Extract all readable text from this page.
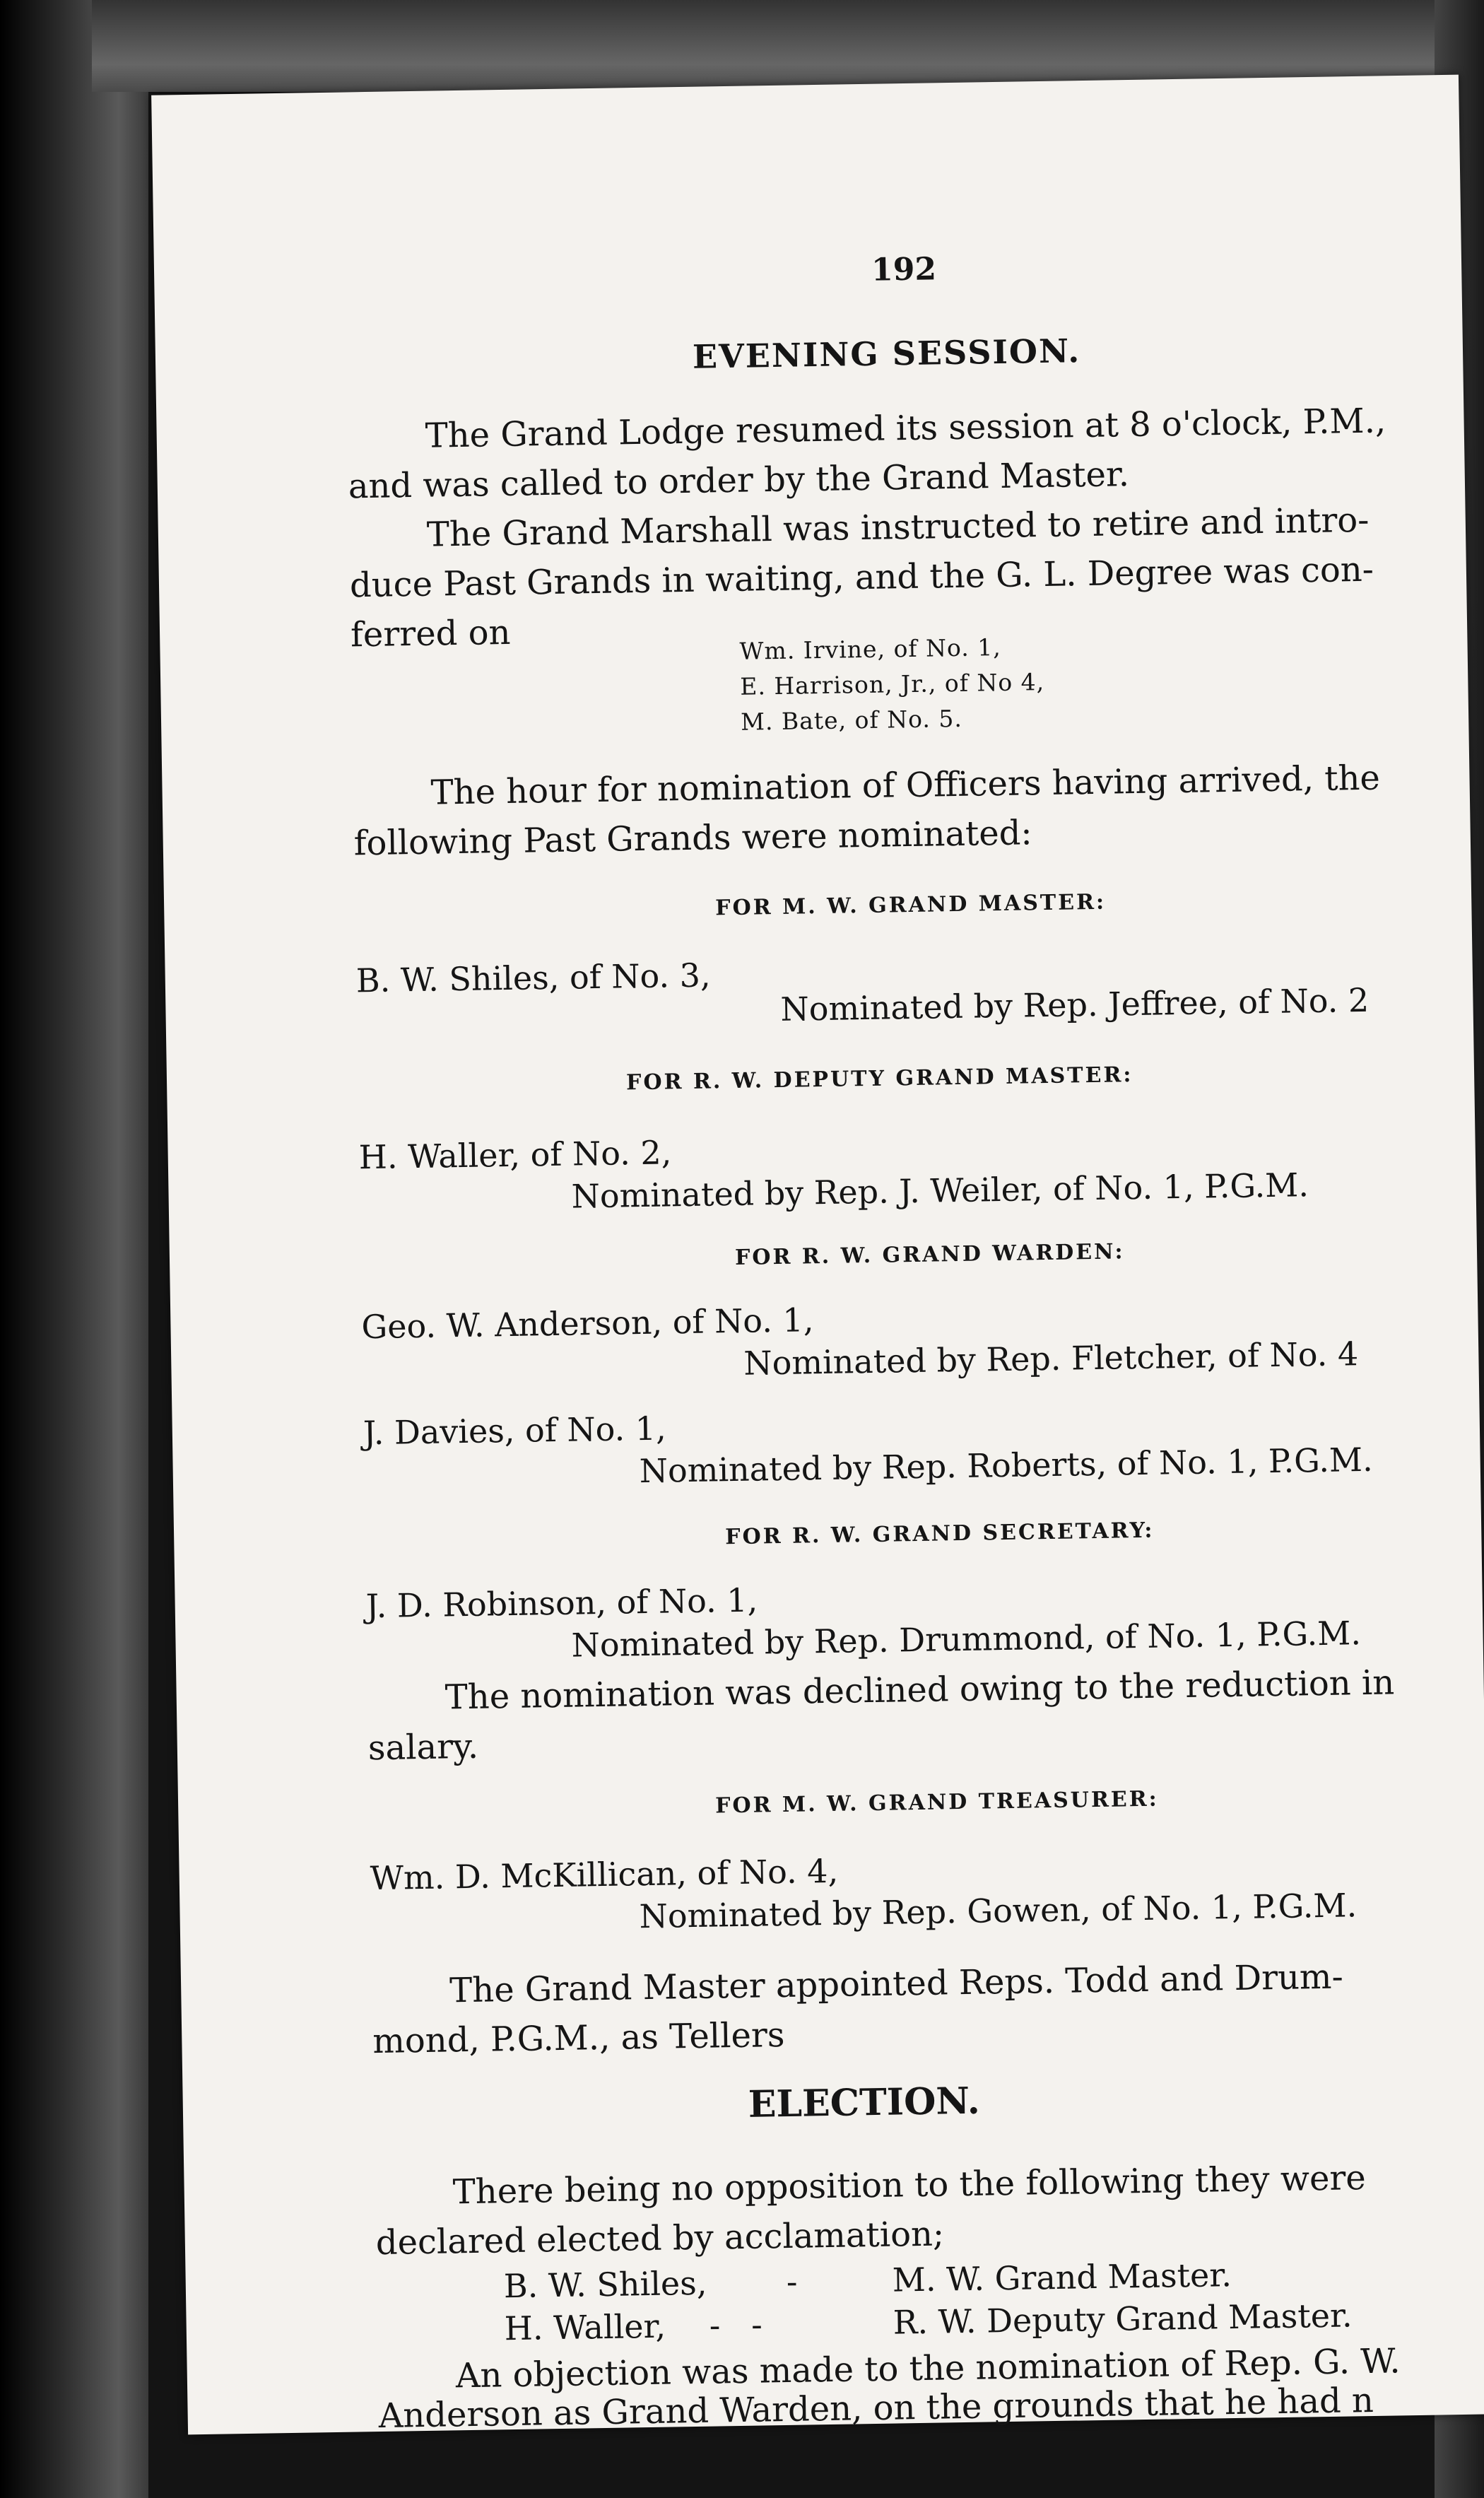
192
EVENING SESSION.
The Grand Lodge resumed its session at 8 o'clock, P.M.,
and was called to order by the Grand Master.
The Grand Marshall was instructed to retire and intro-
duce Past Grands in waiting, and the G. L. Degree was con-
ferred on	Wm. Irvine, of No. 1,
E. Harrison, Jr., of No 4,
M. Bate, of No. 5.
The hour for nomination of Officers having arrived, the
following Past Grands were nominated:
FOR M. W. GRAND MASTER:
B. W. Shiles, of No. 3,
Nominated by Rep. Jeffree, of No. 2
FOR R. W. DEPUTY GRAND MASTER:
H. Waller, of No. 2,
Nominated by Rep. J. Weiler, of No. 1, P.G.M.
FOR R. W. GRAND WARDEN:
Geo. W. Anderson, of No. 1,
Nominated by Rep. Fletcher, of No. 4
J. Davies, of No. 1,
Nominated by Rep. Roberts, of No. 1, P.G.M.
FOR R. W. GRAND SECRETARY:
J. D. Robinson, of No. 1,
Nominated by Rep. Drummond, of No. 1, P.G.M.
The nomination was declined owing to the reduction in
salary.
FOR M. W. GRAND TREASURER:
Wm. D. McKillican, of No. 4,
Nominated by Rep. Gowen, of No. 1, P.G.M.
The Grand Master appointed Reps. Todd and Drum-
mond, P.G.M., as Tellers
ELECTION.
There being no opposition to the following they were
declared elected by acclamation;
B. W. Shiles, -	M. W. Grand Master.
H. Waller, -   -	R. W. Deputy Grand Master.
An objection was made to the nomination of Rep. G. W.
Anderson as Grand Warden, on the grounds that he had n
